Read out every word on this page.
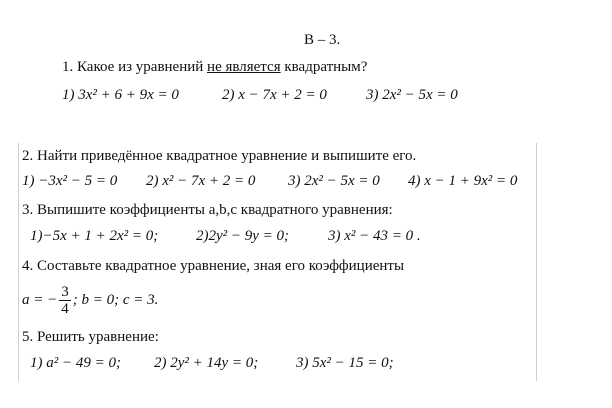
В – 3.
1. Какое из уравнений не является квадратным?
1) 3x² + 6 + 9x = 0	2) x − 7x + 2 = 0	3) 2x² − 5x = 0
2. Найти приведённое квадратное уравнение и выпишите его.
1) −3x² − 5 = 0 2) x² − 7x + 2 = 0 3) 2x² − 5x = 0 4) x − 1 + 9x² = 0
3. Выпишите коэффициенты a,b,c квадратного уравнения:
1)−5x + 1 + 2x² = 0;	2)2y² − 9y = 0;	3) x² − 43 = 0 .
4. Составьте квадратное уравнение, зная его коэффициенты
a = − $\frac{3}{4}$ ; b = 0; c = 3.
5. Решить уравнение:
1) a² − 49 = 0; 2) 2y² + 14y = 0;	3) 5x² − 15 = 0;
